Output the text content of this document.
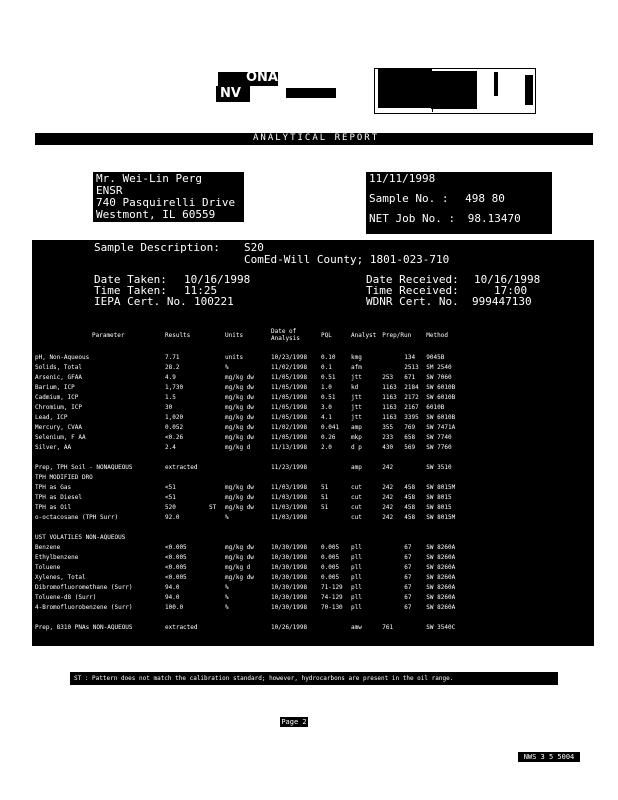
ONAL
NV
ANALYTICAL REPORT
Mr. Wei-Lin Perg
ENSR
740 Pasquirelli Drive
Westmont, IL 60559
11/11/1998
Sample No. : 498 80
NET Job No. : 98.13470
Sample Description: S20
ComEd-Will County; 1801-023-710
Date Taken: 10/16/1998
Time Taken: 11:25
IEPA Cert. No. 100221
Date Received: 10/16/1998
Time Received:	17:00
WDNR Cert. No. 999447130
Parameter	Results		Units	Date of Analysis	PQL	Analyst	Prep/Run		Method

pH, Non-Aqueous	7.71		units	10/23/1998	0.10	kmg		134	9045B
Solids, Total	28.2		%	11/02/1998	0.1	afm		2513	SM 2540
Arsenic, GFAA	4.9		mg/kg dw	11/05/1998	0.51	jtt	253	671	SW 7060
Barium, ICP	1,730		mg/kg dw	11/05/1998	1.0	kd	1163	2184	SW 6010B
Cadmium, ICP	1.5		mg/kg dw	11/05/1998	0.51	jtt	1163	2172	SW 6010B
Chromium, ICP	30		mg/kg dw	11/05/1998	3.0	jtt	1163	2167	6010B
Lead, ICP	1,020		mg/kg dw	11/05/1998	4.1	jtt	1163	3395	SW 6010B
Mercury, CVAA	0.052		mg/kg dw	11/02/1998	0.041	amp	355	769	SW 7471A
Selenium, F AA	<0.26		mg/kg dw	11/05/1998	0.26	mkp	233	658	SW 7740
Silver, AA	2.4		mg/kg d	11/13/1998	2.0	d p	430	569	SW 7760

Prep, TPH Soil - NONAQUEOUS	extracted			11/23/1998		amp	242		SW 3510
TPH MODIFIED DRO									
TPH as Gas	<51		mg/kg dw	11/03/1998	51	cut	242	458	SW 8015M
TPH as Diesel	<51		mg/kg dw	11/03/1998	51	cut	242	458	SW 8015
TPH as Oil	520	ST	mg/kg dw	11/03/1998	51	cut	242	458	SW 8015
o-octacosane (TPH Surr)	92.0		%	11/03/1998		cut	242	458	SW 8015M

UST VOLATILES NON-AQUEOUS									
Benzene	<0.005		mg/kg dw	10/30/1998	0.005	pll		67	SW 8260A
Ethylbenzene	<0.005		mg/kg dw	10/30/1998	0.005	pll		67	SW 8260A
Toluene	<0.005		mg/kg d	10/30/1998	0.005	pll		67	SW 8260A
Xylenes, Total	<0.005		mg/kg dw	10/30/1998	0.005	pll		67	SW 8260A
Dibromofluoromethane (Surr)	94.0		%	10/30/1998	71-129	pll		67	SW 8260A
Toluene-d8 (Surr)	94.0		%	10/30/1998	74-129	pll		67	SW 8260A
4-Bromofluorobenzene (Surr)	100.0		%	10/30/1998	70-130	pll		67	SW 8260A

Prep, 8310 PNAs NON-AQUEOUS	extracted			10/26/1998		amw	761		SW 3540C
ST : Pattern does not match the calibration standard; however, hydrocarbons are present in the oil range.
Page 2
NWS 3 5 5004
